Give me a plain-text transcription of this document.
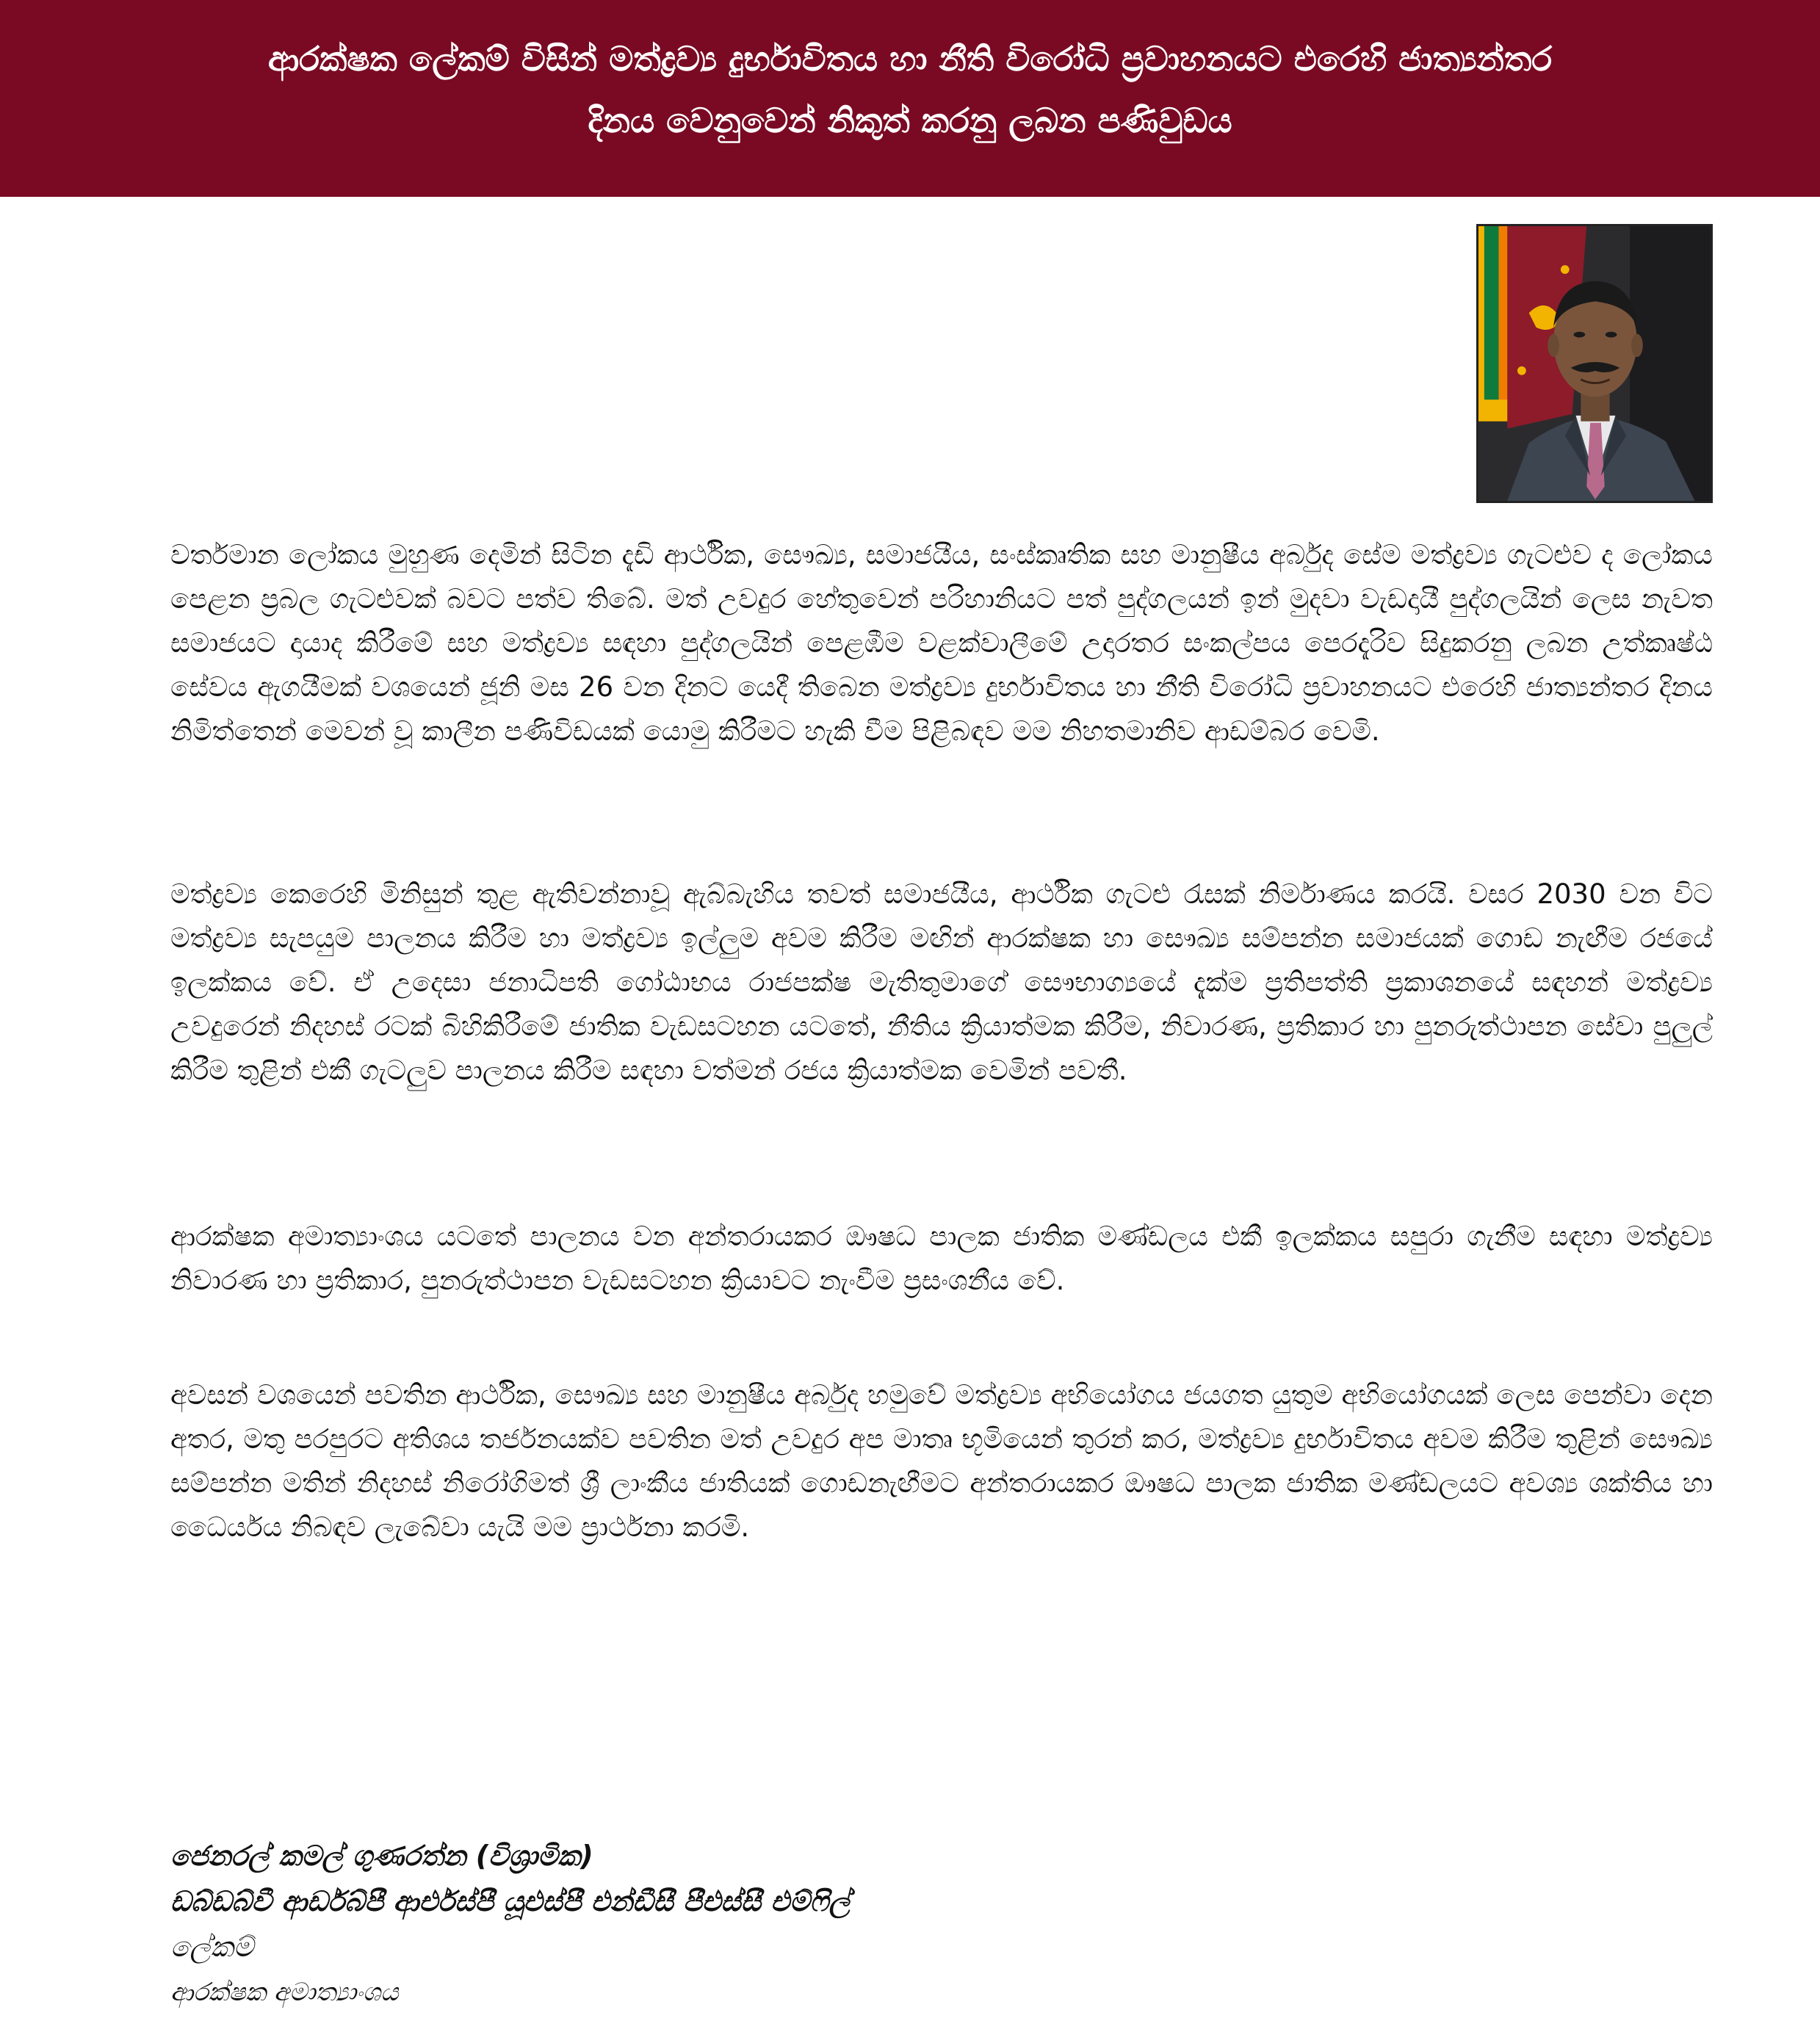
ආරක්ෂක ලේකම් විසින් මත්ද්‍රව්‍ය දුර්භාවිතය හා නීති විරෝධි ප්‍රවාහනයට එරෙහි ජාත්‍යන්තර
දිනය වෙනුවෙන් නිකුත් කරනු ලබන පණිවුඩය
වර්තමාන ලෝකය මුහුණ දෙමින් සිටින දැඩි ආර්ථික, සෞඛ්‍ය, සමාජයීය, සංස්කෘතික සහ මානුෂීය අර්බුද සේම මත්ද්‍රව්‍ය ගැටළුව ද ලෝකය පෙළන ප්‍රබල ගැටළුවක් බවට පත්ව තිබේ. මත් උවදුර හේතුවෙන් පරිහානියට පත් පුද්ගලයන් ඉන් මුදවා වැඩදායී පුද්ගලයින් ලෙස නැවත සමාජයට දායාද කිරීමේ සහ මත්ද්‍රව්‍ය සඳහා පුද්ගලයින් පෙළඹීම වළක්වාලීමේ උදාරතර සංකල්පය පෙරදැරිව සිදුකරනු ලබන උත්කෘෂ්ඨ සේවය ඇගයීමක් වශයෙන් ජූනි මස 26 වන දිනට යෙදී තිබෙන මත්ද්‍රව්‍ය දුර්භාවිතය හා නීති විරෝධි ප්‍රවාහනයට එරෙහි ජාත්‍යන්තර දිනය නිමිත්තෙන් මෙවන් වූ කාලීන පණිවිඩයක් යොමු කිරීමට හැකි වීම පිළිබඳව මම නිහතමානිව ආඩම්බර වෙමි.
මත්ද්‍රව්‍ය කෙරෙහි මිනිසුන් තුළ ඇතිවන්නාවූ ඇබ්බැහිය තවත් සමාජයීය, ආර්ථික ගැටළු රැසක් නිර්මාණය කරයි. වසර 2030 වන විට මත්ද්‍රව්‍ය සැපයුම පාලනය කිරීම හා මත්ද්‍රව්‍ය ඉල්ලුම අවම කිරීම මඟින් ආරක්ෂක හා සෞඛ්‍ය සම්පන්න සමාජයක් ගොඩ නැඟීම රජයේ ඉලක්කය වේ. ඒ උදෙසා ජනාධිපති ගෝඨාභය රාජපක්ෂ මැතිතුමාගේ සෞභාග්‍යයේ දැක්ම ප්‍රතිපත්ති ප්‍රකාශනයේ සඳහන් මත්ද්‍රව්‍ය උවදුරෙන් නිදහස් රටක් බිහිකිරීමේ ජාතික වැඩසටහන යටතේ, නීතිය ක්‍රියාත්මක කිරීම, නිවාරණ, ප්‍රතිකාර හා පුනරුත්ථාපන සේවා පුලුල් කිරීම තුළින් එකී ගැටලුව පාලනය කිරීම සඳහා වත්මන් රජය ක්‍රියාත්මක වෙමින් පවතී.
ආරක්ෂක අමාත්‍යාංශය යටතේ පාලනය වන අන්තරායකර ඖෂධ පාලක ජාතික මණ්ඩලය එකී ඉලක්කය සපුරා ගැනීම සඳහා මත්ද්‍රව්‍ය නිවාරණ හා ප්‍රතිකාර, පුනරුත්ථාපන වැඩසටහන ක්‍රියාවට නැංවීම ප්‍රසංශනීය වේ.
අවසන් වශයෙන් පවතින ආර්ථික, සෞඛ්‍ය සහ මානුෂීය අර්බුද හමුවේ මත්ද්‍රව්‍ය අභියෝගය ජයගත යුතුම අභියෝගයක් ලෙස පෙන්වා දෙන අතර, මතු පරපුරට අතිශය තර්ජනයක්ව පවතින මත් උවදුර අප මාතෘ භූමියෙන් තුරන් කර, මත්ද්‍රව්‍ය දුර්භාවිතය අවම කිරීම තුළින් සෞඛ්‍ය සම්පන්න මතින් නිදහස් නිරෝගිමත් ශ්‍රී ලාංකීය ජාතියක් ගොඩනැඟීමට අන්තරායකර ඖෂධ පාලක ජාතික මණ්ඩලයට අවශ්‍ය ශක්තිය හා ධෛර්යය නිබඳව ලැබේවා යැයි මම ප්‍රාර්ථනා කරමි.
ජෙනරල් කමල් ගුණරත්න (විශ්‍රාමික)
ඩබ්ඩබ්වී ආර්ඩබ්පී ආර්එස්පී යූඑස්පී එන්ඩීසී පීඑස්සී එම්ෆිල්
ලේකම්
ආරක්ෂක අමාත්‍යාංශය
